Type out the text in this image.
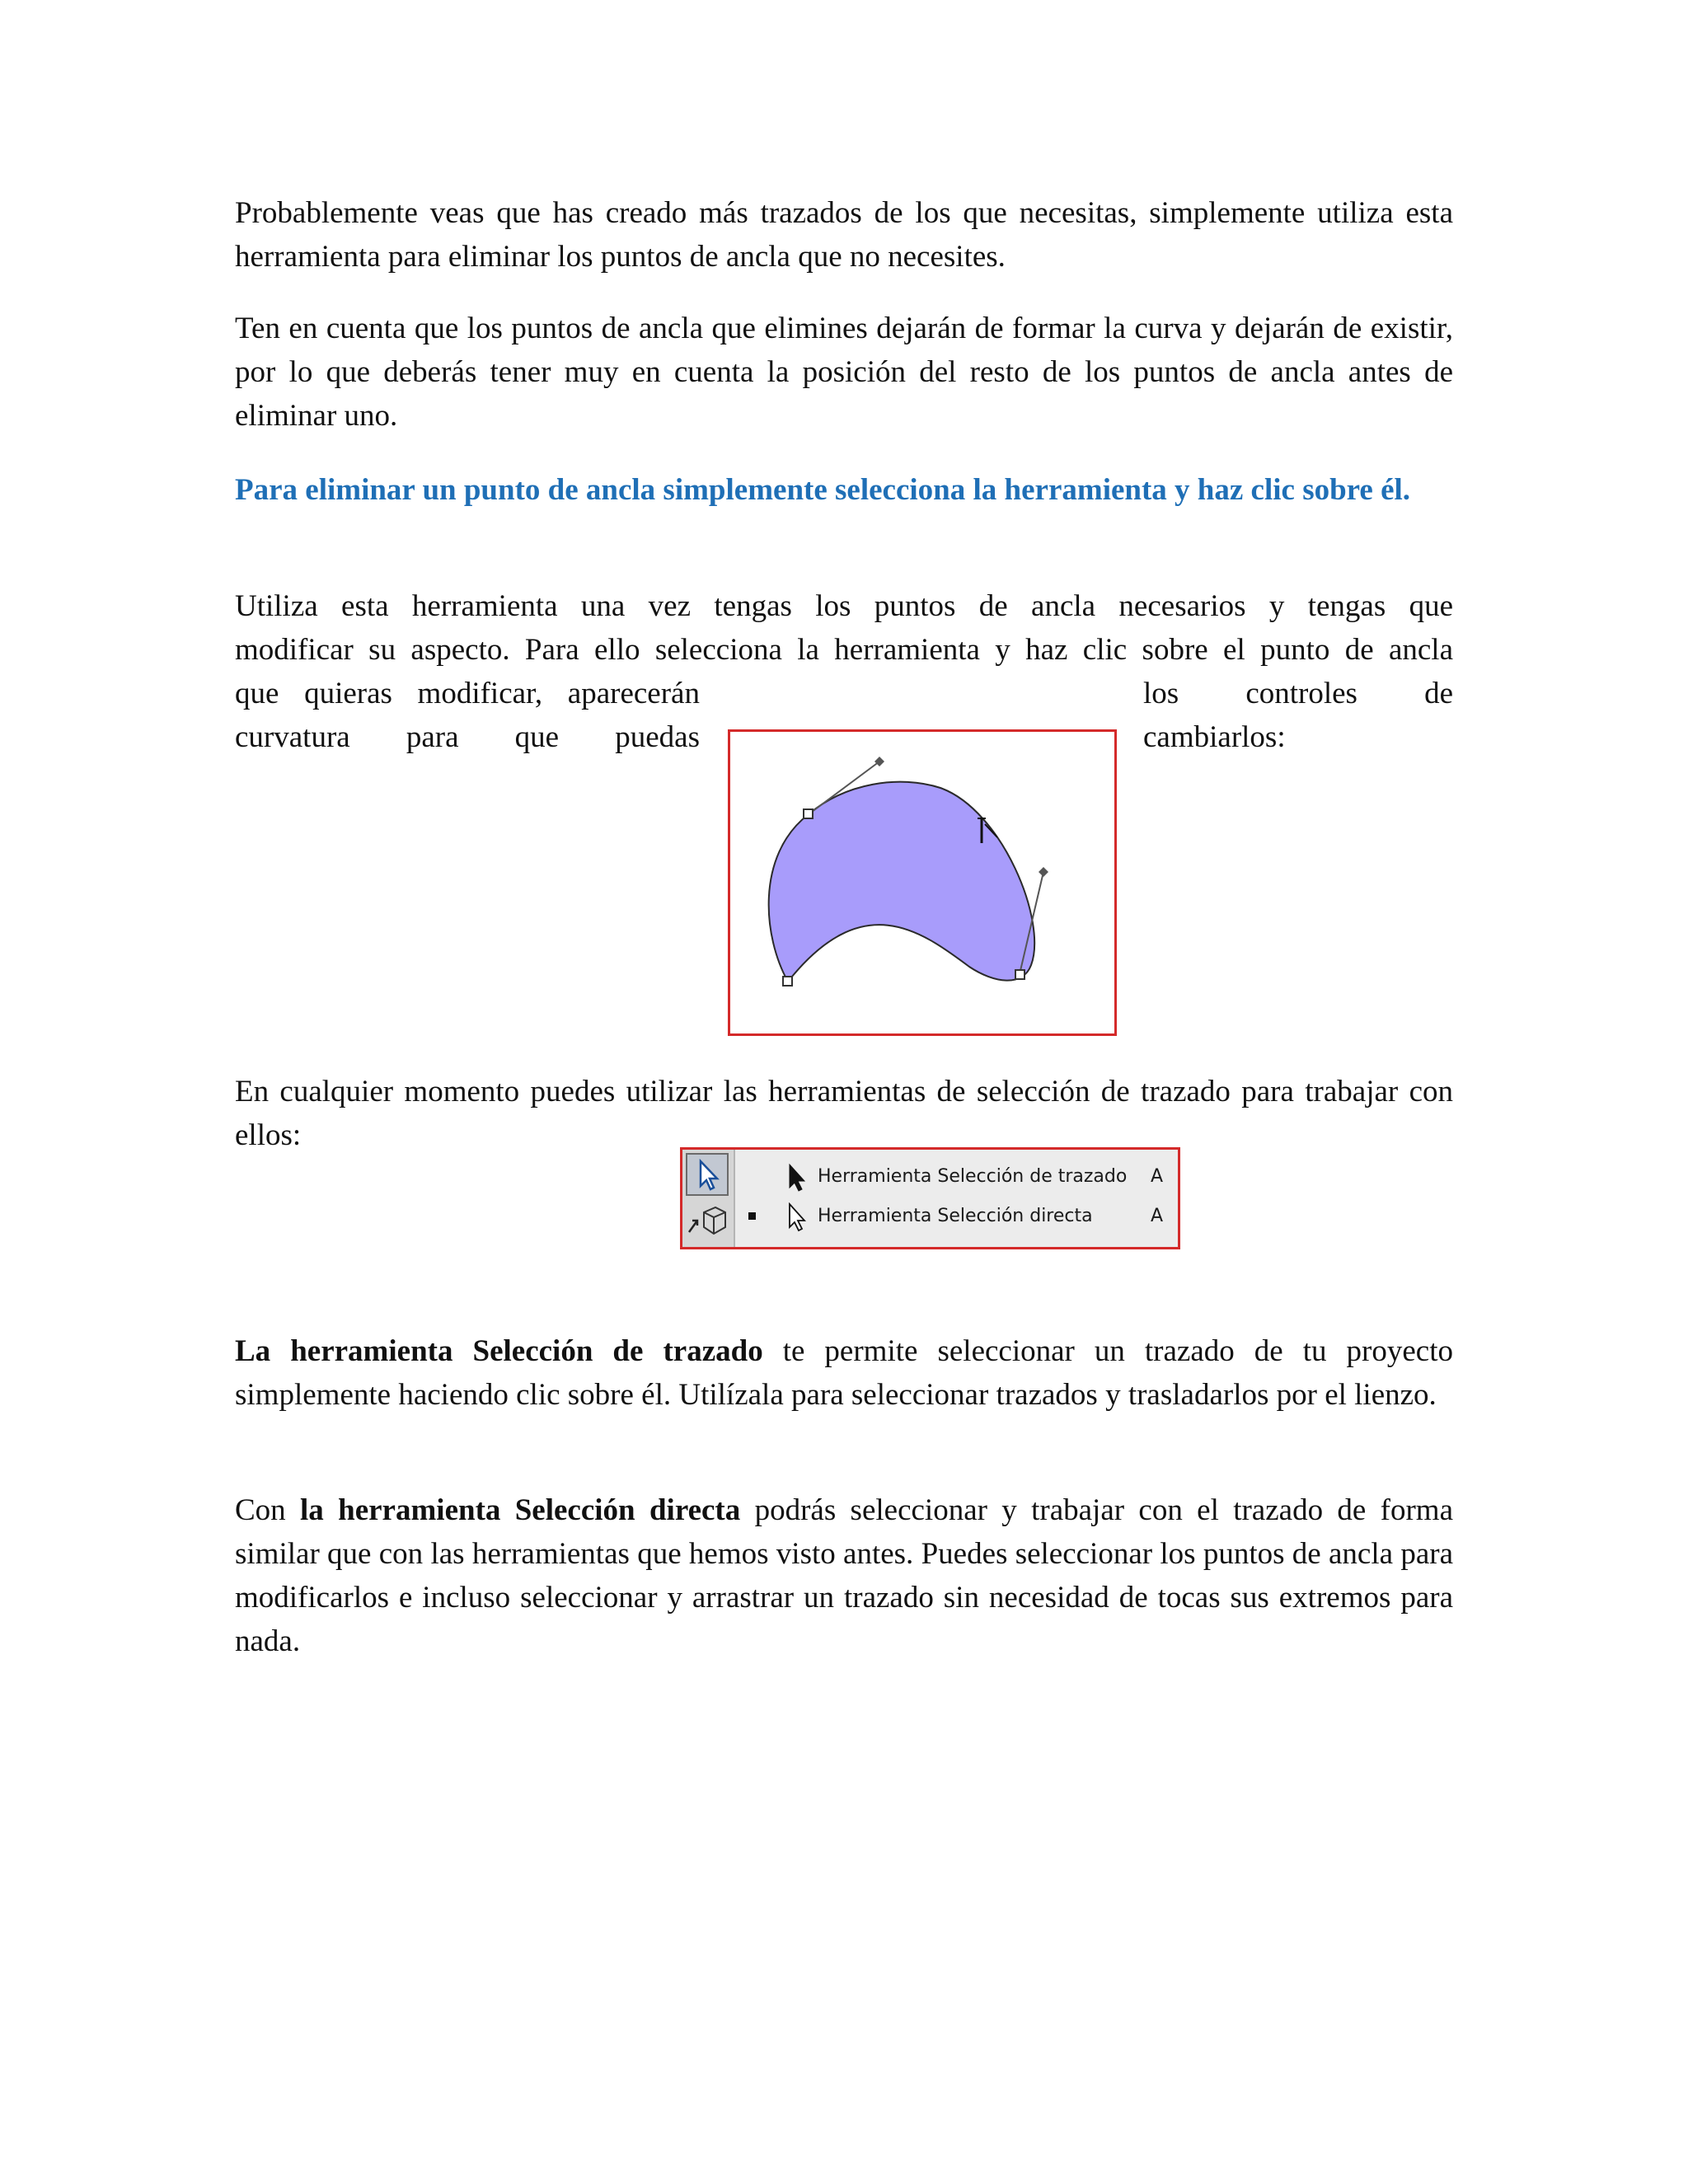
Probablemente veas que has creado más trazados de los que necesitas, simplemente utiliza esta herramienta para eliminar los puntos de ancla que no necesites.

Ten en cuenta que los puntos de ancla que elimines dejarán de formar la curva y dejarán de existir, por lo que deberás tener muy en cuenta la posición del resto de los puntos de ancla antes de eliminar uno.

Para eliminar un punto de ancla simplemente selecciona la herramienta y haz clic sobre él.

Utiliza esta herramienta una vez tengas los puntos de ancla necesarios y tengas que

modificar su aspecto. Para ello selecciona la herramienta y haz clic sobre el punto de ancla

que quieras modificar, aparecerán	los controles de
curvatura para que puedas	cambiarlos:

En cualquier momento puedes utilizar las herramientas de selección de trazado para trabajar con ellos:

Herramienta Selección de trazado A
Herramienta Selección directa	A

La herramienta Selección de trazado te permite seleccionar un trazado de tu proyecto simplemente haciendo clic sobre él. Utilízala para seleccionar trazados y trasladarlos por el lienzo.

Con la herramienta Selección directa podrás seleccionar y trabajar con el trazado de forma similar que con las herramientas que hemos visto antes. Puedes seleccionar los puntos de ancla para modificarlos e incluso seleccionar y arrastrar un trazado sin necesidad de tocas sus extremos para nada.
